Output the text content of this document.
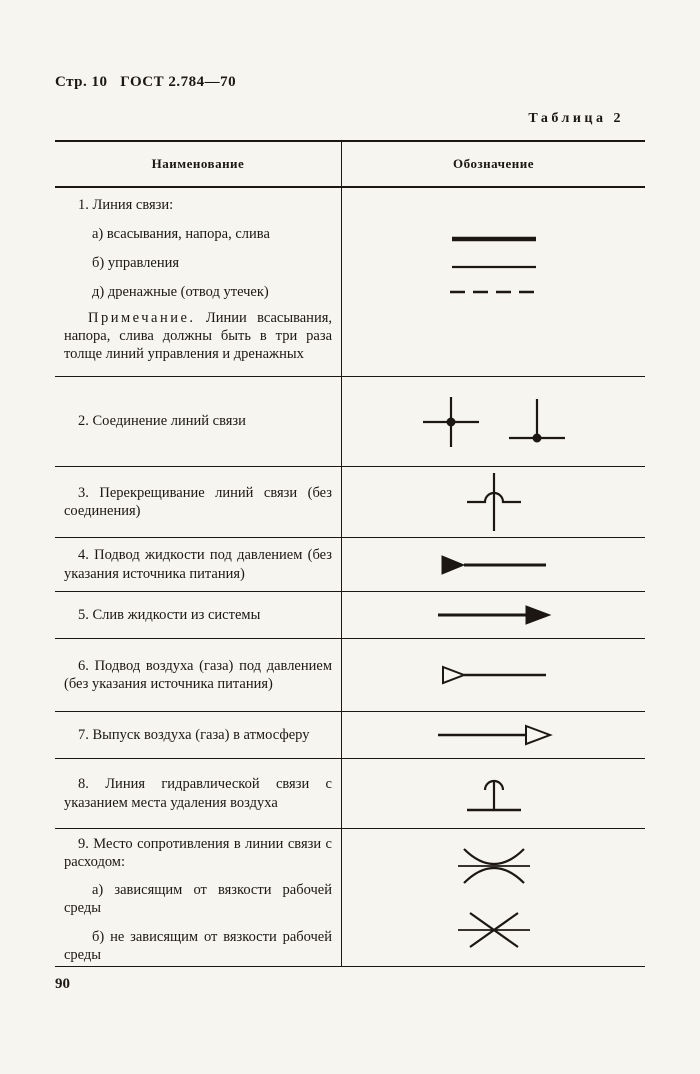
Стр. 10   ГОСТ 2.784—70
Таблица 2
Наименование	Обозначение

1. Линия связи:

а) всасывания, напора, слива

б) управления

д) дренажные (отвод утечек)

Примечание. Линии всасывания, напора, слива должны быть в три раза толще линий управления и дренажных

2. Соединение линий связи

3. Перекрещивание линий связи (без соединения)

4. Подвод жидкости под давлением (без указания источника питания)

5. Слив жидкости из системы

6. Подвод воздуха (газа) под давлением (без указания источника питания)

7. Выпуск воздуха (газа) в атмосферу

8. Линия гидравлической связи с указанием места удаления воздуха

9. Место сопротивления в линии связи с расходом:

а) зависящим от вязкости рабочей среды

б) не зависящим от вязкости рабочей среды

90
